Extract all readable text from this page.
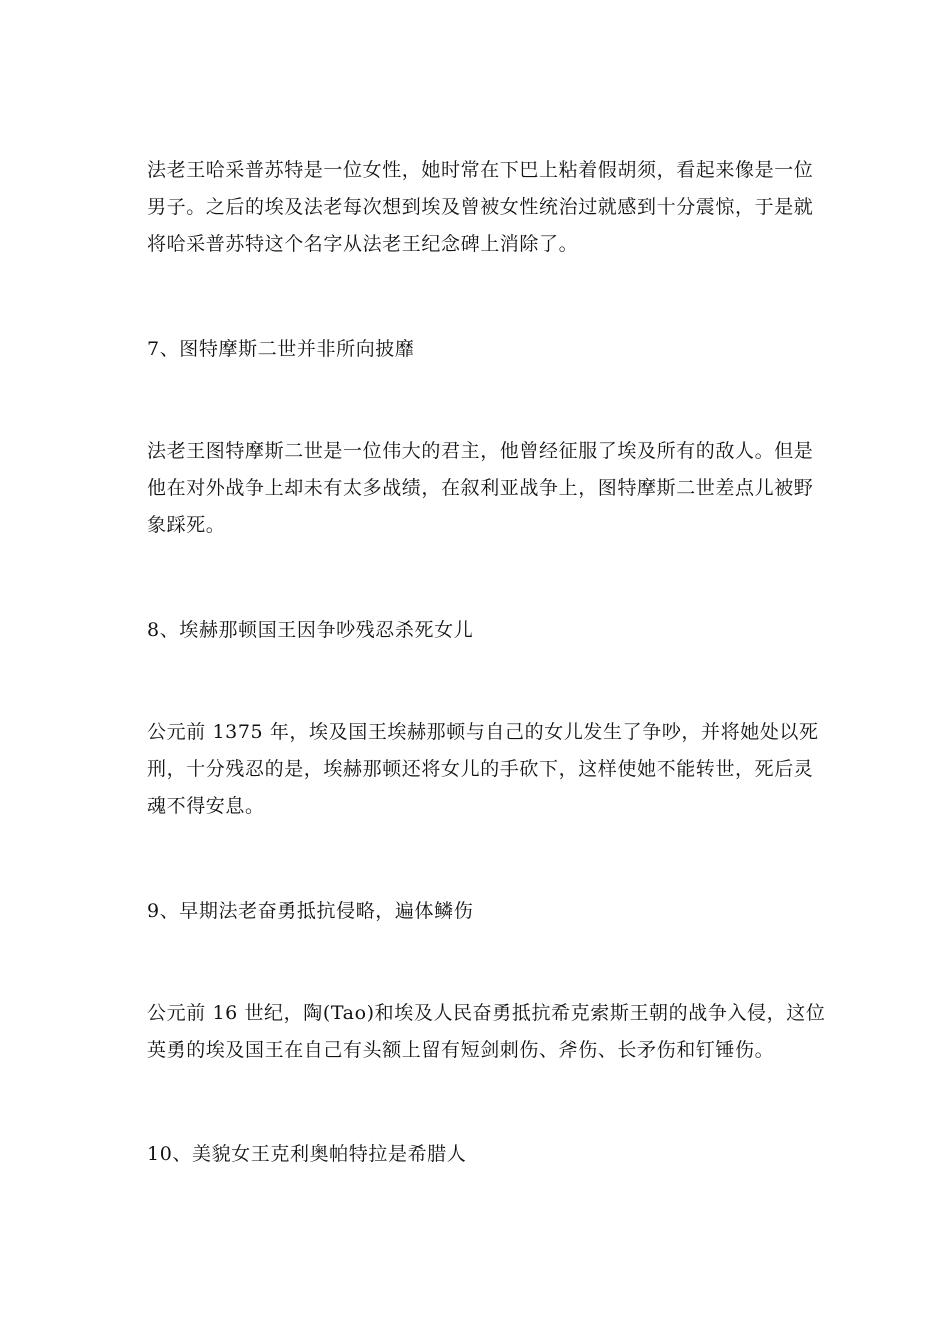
法老王哈采普苏特是一位女性，她时常在下巴上粘着假胡须，看起来像是一位
男子。之后的埃及法老每次想到埃及曾被女性统治过就感到十分震惊，于是就
将哈采普苏特这个名字从法老王纪念碑上消除了。

7、图特摩斯二世并非所向披靡

法老王图特摩斯二世是一位伟大的君主，他曾经征服了埃及所有的敌人。但是
他在对外战争上却未有太多战绩，在叙利亚战争上，图特摩斯二世差点儿被野
象踩死。

8、埃赫那顿国王因争吵残忍杀死女儿

公元前 1375 年，埃及国王埃赫那顿与自己的女儿发生了争吵，并将她处以死
刑，十分残忍的是，埃赫那顿还将女儿的手砍下，这样使她不能转世，死后灵
魂不得安息。

9、早期法老奋勇抵抗侵略，遍体鳞伤

公元前 16 世纪，陶(Tao)和埃及人民奋勇抵抗希克索斯王朝的战争入侵，这位
英勇的埃及国王在自己有头额上留有短剑刺伤、斧伤、长矛伤和钉锤伤。

10、美貌女王克利奥帕特拉是希腊人
